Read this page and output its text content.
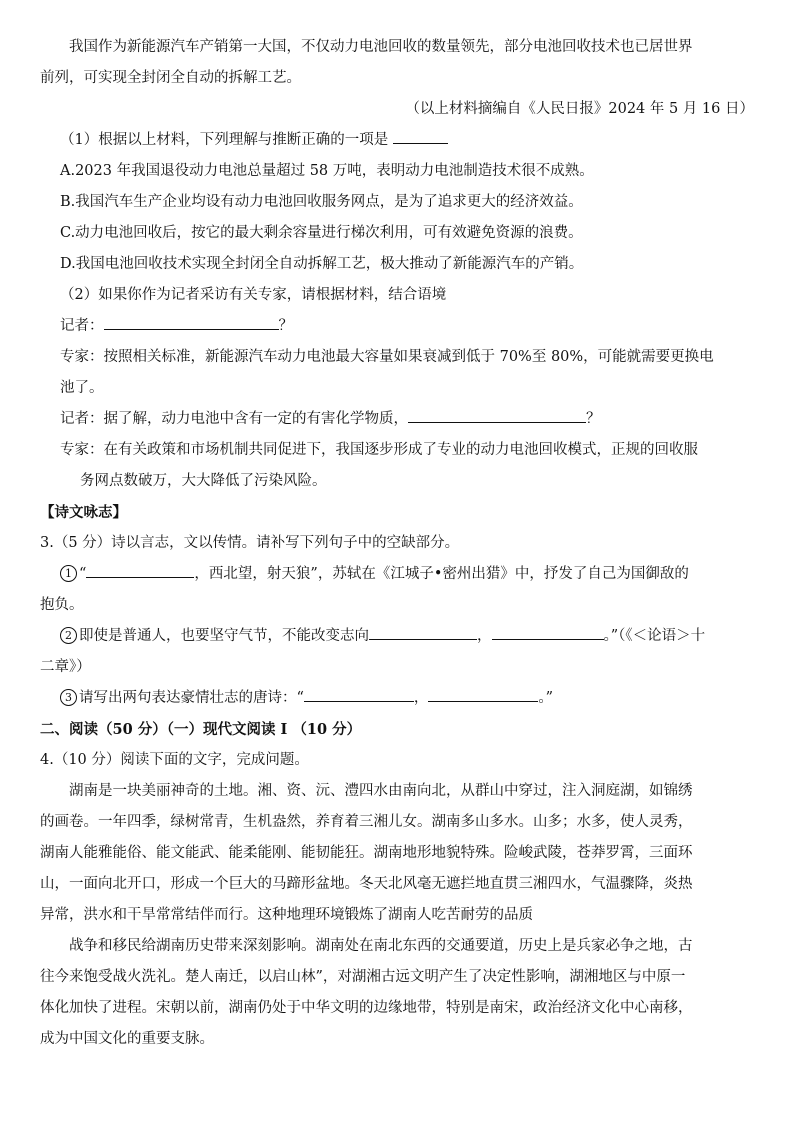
我国作为新能源汽车产销第一大国，不仅动力电池回收的数量领先，部分电池回收技术也已居世界

前列，可实现全封闭全自动的拆解工艺。

（以上材料摘编自《人民日报》2024 年 5 月 16 日）

（1）根据以上材料，下列理解与推断正确的一项是

A.2023 年我国退役动力电池总量超过 58 万吨，表明动力电池制造技术很不成熟。

B.我国汽车生产企业均设有动力电池回收服务网点，是为了追求更大的经济效益。

C.动力电池回收后，按它的最大剩余容量进行梯次利用，可有效避免资源的浪费。

D.我国电池回收技术实现全封闭全自动拆解工艺，极大推动了新能源汽车的产销。

（2）如果你作为记者采访有关专家，请根据材料，结合语境

记者：	？

专家：按照相关标准，新能源汽车动力电池最大容量如果衰减到低于 70%至 80%，可能就需要更换电

池了。

记者：据了解，动力电池中含有一定的有害化学物质，	？

专家：在有关政策和市场机制共同促进下，我国逐步形成了专业的动力电池回收模式，正规的回收服

务网点数破万，大大降低了污染风险。

【诗文咏志】

3.（5 分）诗以言志，文以传情。请补写下列句子中的空缺部分。

1 “	，西北望，射天狼”，苏轼在《江城子•密州出猎》中，抒发了自己为国御敌的

抱负。

2 即使是普通人，也要坚守气节，不能改变志向	，	。”（《＜论语＞十

二章》）

3 请写出两句表达豪情壮志的唐诗：“	，	。”

二、阅读（50 分）（一）现代文阅读 I （10 分）

4.（10 分）阅读下面的文字，完成问题。

湖南是一块美丽神奇的土地。湘、资、沅、澧四水由南向北，从群山中穿过，注入洞庭湖，如锦绣

的画卷。一年四季，绿树常青，生机盎然，养育着三湘儿女。湖南多山多水。山多；水多，使人灵秀，

湖南人能雅能俗、能文能武、能柔能刚、能韧能狂。湖南地形地貌特殊。险峻武陵，苍莽罗霄，三面环

山，一面向北开口，形成一个巨大的马蹄形盆地。冬天北风毫无遮拦地直贯三湘四水，气温骤降，炎热

异常，洪水和干旱常常结伴而行。这种地理环境锻炼了湖南人吃苦耐劳的品质

战争和移民给湖南历史带来深刻影响。湖南处在南北东西的交通要道，历史上是兵家必争之地，古

往今来饱受战火洗礼。楚人南迁，以启山林”，对湖湘古远文明产生了决定性影响，湖湘地区与中原一

体化加快了进程。宋朝以前，湖南仍处于中华文明的边缘地带，特别是南宋，政治经济文化中心南移，

成为中国文化的重要支脉。
